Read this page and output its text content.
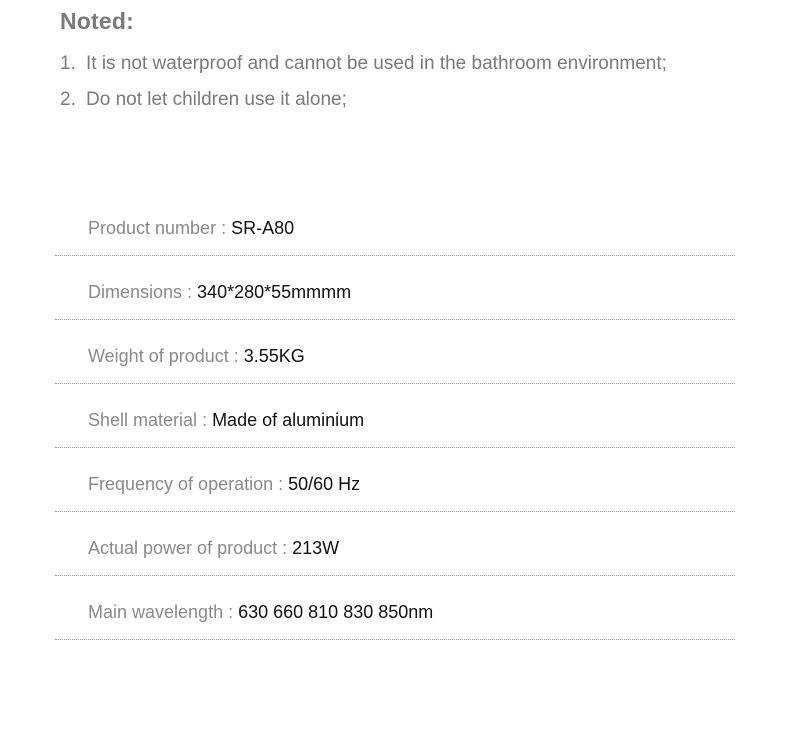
Noted:
1. It is not waterproof and cannot be used in the bathroom environment;
2. Do not let children use it alone;
Product number : SR-A80
Dimensions : 340*280*55mmmm
Weight of product : 3.55KG
Shell material : Made of aluminium
Frequency of operation : 50/60 Hz
Actual power of product : 213W
Main wavelength : 630 660 810 830 850nm
